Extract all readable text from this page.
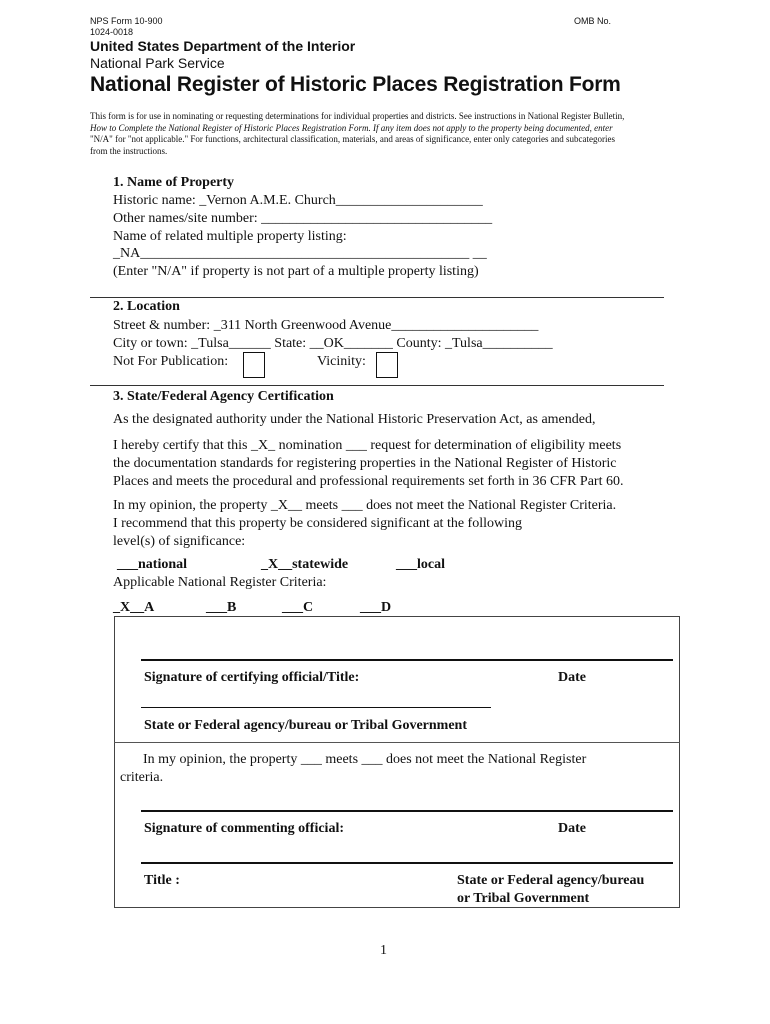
NPS Form 10-900
1024-0018
OMB No.
United States Department of the Interior
National Park Service
National Register of Historic Places Registration Form
This form is for use in nominating or requesting determinations for individual properties and districts. See instructions in National Register Bulletin,
How to Complete the National Register of Historic Places Registration Form. If any item does not apply to the property being documented, enter
"N/A" for "not applicable." For functions, architectural classification, materials, and areas of significance, enter only categories and subcategories
from the instructions.
1. Name of Property
Historic name: _Vernon A.M.E. Church_____________________
Other names/site number: _________________________________
Name of related multiple property listing:
_NA_______________________________________________ __
(Enter "N/A" if property is not part of a multiple property listing)
2. Location
Street & number: _311 North Greenwood Avenue_____________________
City or town: _Tulsa______ State: __OK_______ County: _Tulsa__________
Not For Publication:	Vicinity:
3. State/Federal Agency Certification
As the designated authority under the National Historic Preservation Act, as amended,
I hereby certify that this _X_ nomination ___ request for determination of eligibility meets
the documentation standards for registering properties in the National Register of Historic
Places and meets the procedural and professional requirements set forth in 36 CFR Part 60.
In my opinion, the property _X__ meets ___ does not meet the National Register Criteria.
I recommend that this property be considered significant at the following
level(s) of significance:
___national	_X__statewide	___local
Applicable National Register Criteria:
_X__A	___B	___C	___D
Signature of certifying official/Title:	Date
State or Federal agency/bureau or Tribal Government
In my opinion, the property ___ meets ___ does not meet the National Register
criteria.
Signature of commenting official:	Date
Title :	State or Federal agency/bureau
or Tribal Government
1
